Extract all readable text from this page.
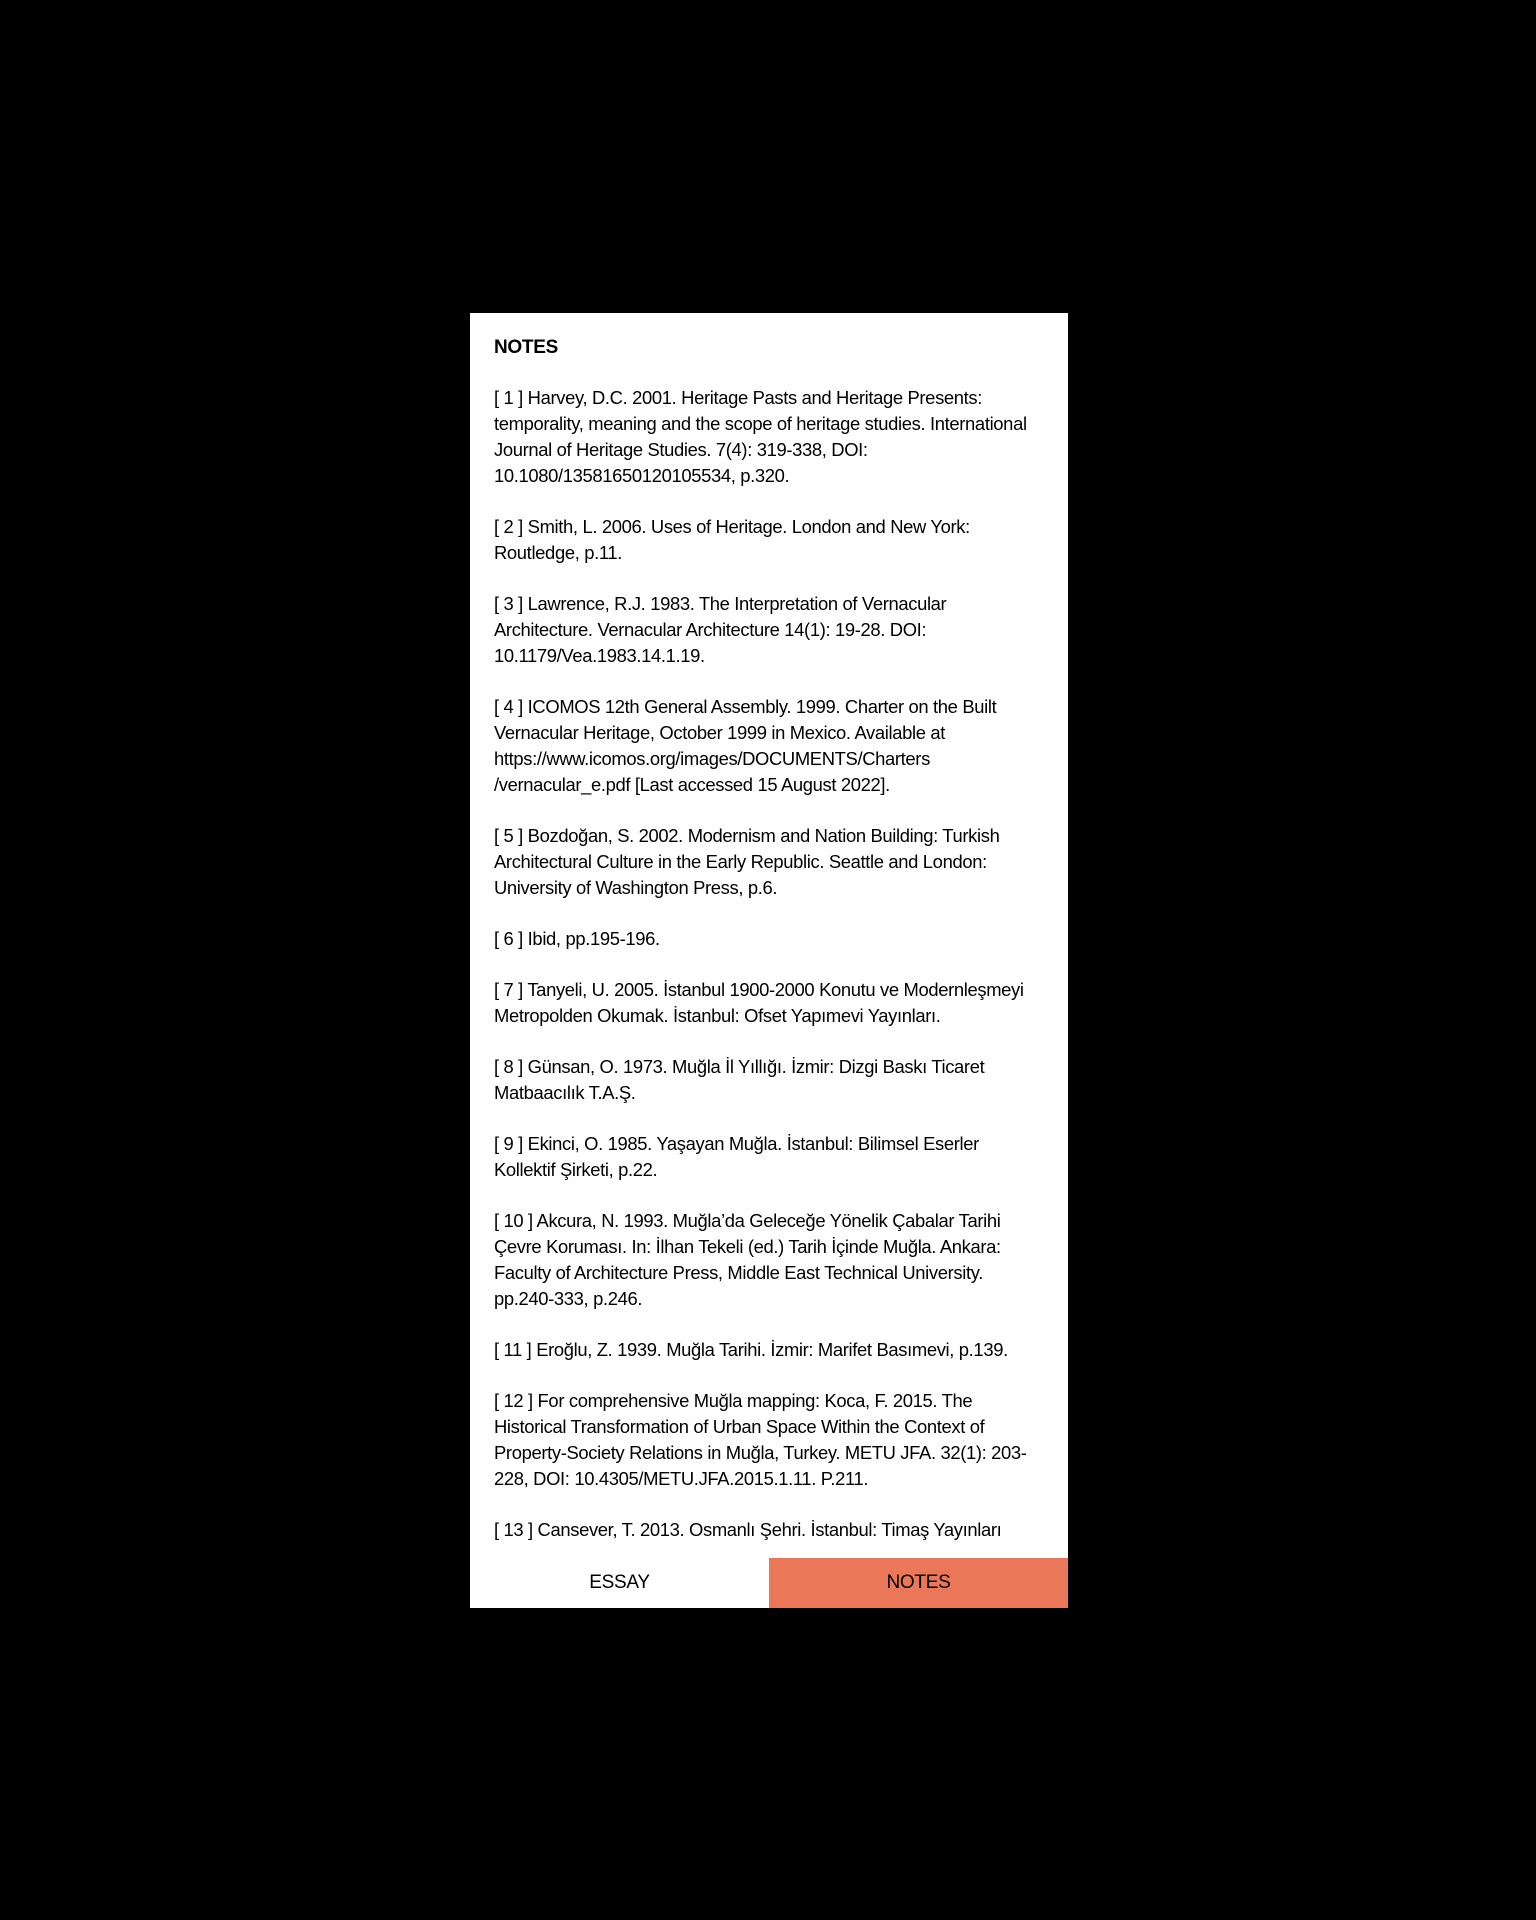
NOTES

[ 1 ] Harvey, D.C. 2001. Heritage Pasts and Heritage Presents: temporality, meaning and the scope of heritage studies. International Journal of Heritage Studies. 7(4): 319-338, DOI: 10.1080/13581650120105534, p.320.

[ 2 ] Smith, L. 2006. Uses of Heritage. London and New York: Routledge, p.11.

[ 3 ] Lawrence, R.J. 1983. The Interpretation of Vernacular Architecture. Vernacular Architecture 14(1): 19-28. DOI: 10.1179/Vea.1983.14.1.19.

[ 4 ] ICOMOS 12th General Assembly. 1999. Charter on the Built Vernacular Heritage, October 1999 in Mexico. Available at https://www.icomos.org/images/DOCUMENTS/Charters /vernacular_e.pdf [Last accessed 15 August 2022].

[ 5 ] Bozdoğan, S. 2002. Modernism and Nation Building: Turkish Architectural Culture in the Early Republic. Seattle and London: University of Washington Press, p.6.

[ 6 ] Ibid, pp.195-196.

[ 7 ] Tanyeli, U. 2005. İstanbul 1900-2000 Konutu ve Modernleşmeyi Metropolden Okumak. İstanbul: Ofset Yapımevi Yayınları.

[ 8 ] Günsan, O. 1973. Muğla İl Yıllığı. İzmir: Dizgi Baskı Ticaret Matbaacılık T.A.Ş.

[ 9 ] Ekinci, O. 1985. Yaşayan Muğla. İstanbul: Bilimsel Eserler Kollektif Şirketi, p.22.

[ 10 ] Akcura, N. 1993. Muğla’da Geleceğe Yönelik Çabalar Tarihi Çevre Koruması. In: İlhan Tekeli (ed.) Tarih İçinde Muğla. Ankara: Faculty of Architecture Press, Middle East Technical University. pp.240-333, p.246.

[ 11 ] Eroğlu, Z. 1939. Muğla Tarihi. İzmir: Marifet Basımevi, p.139.

[ 12 ] For comprehensive Muğla mapping: Koca, F. 2015. The Historical Transformation of Urban Space Within the Context of Property-Society Relations in Muğla, Turkey. METU JFA. 32(1): 203-228, DOI: 10.4305/METU.JFA.2015.1.11. P.211.

[ 13 ] Cansever, T. 2013. Osmanlı Şehri. İstanbul: Timaş Yayınları

ESSAY	NOTES
